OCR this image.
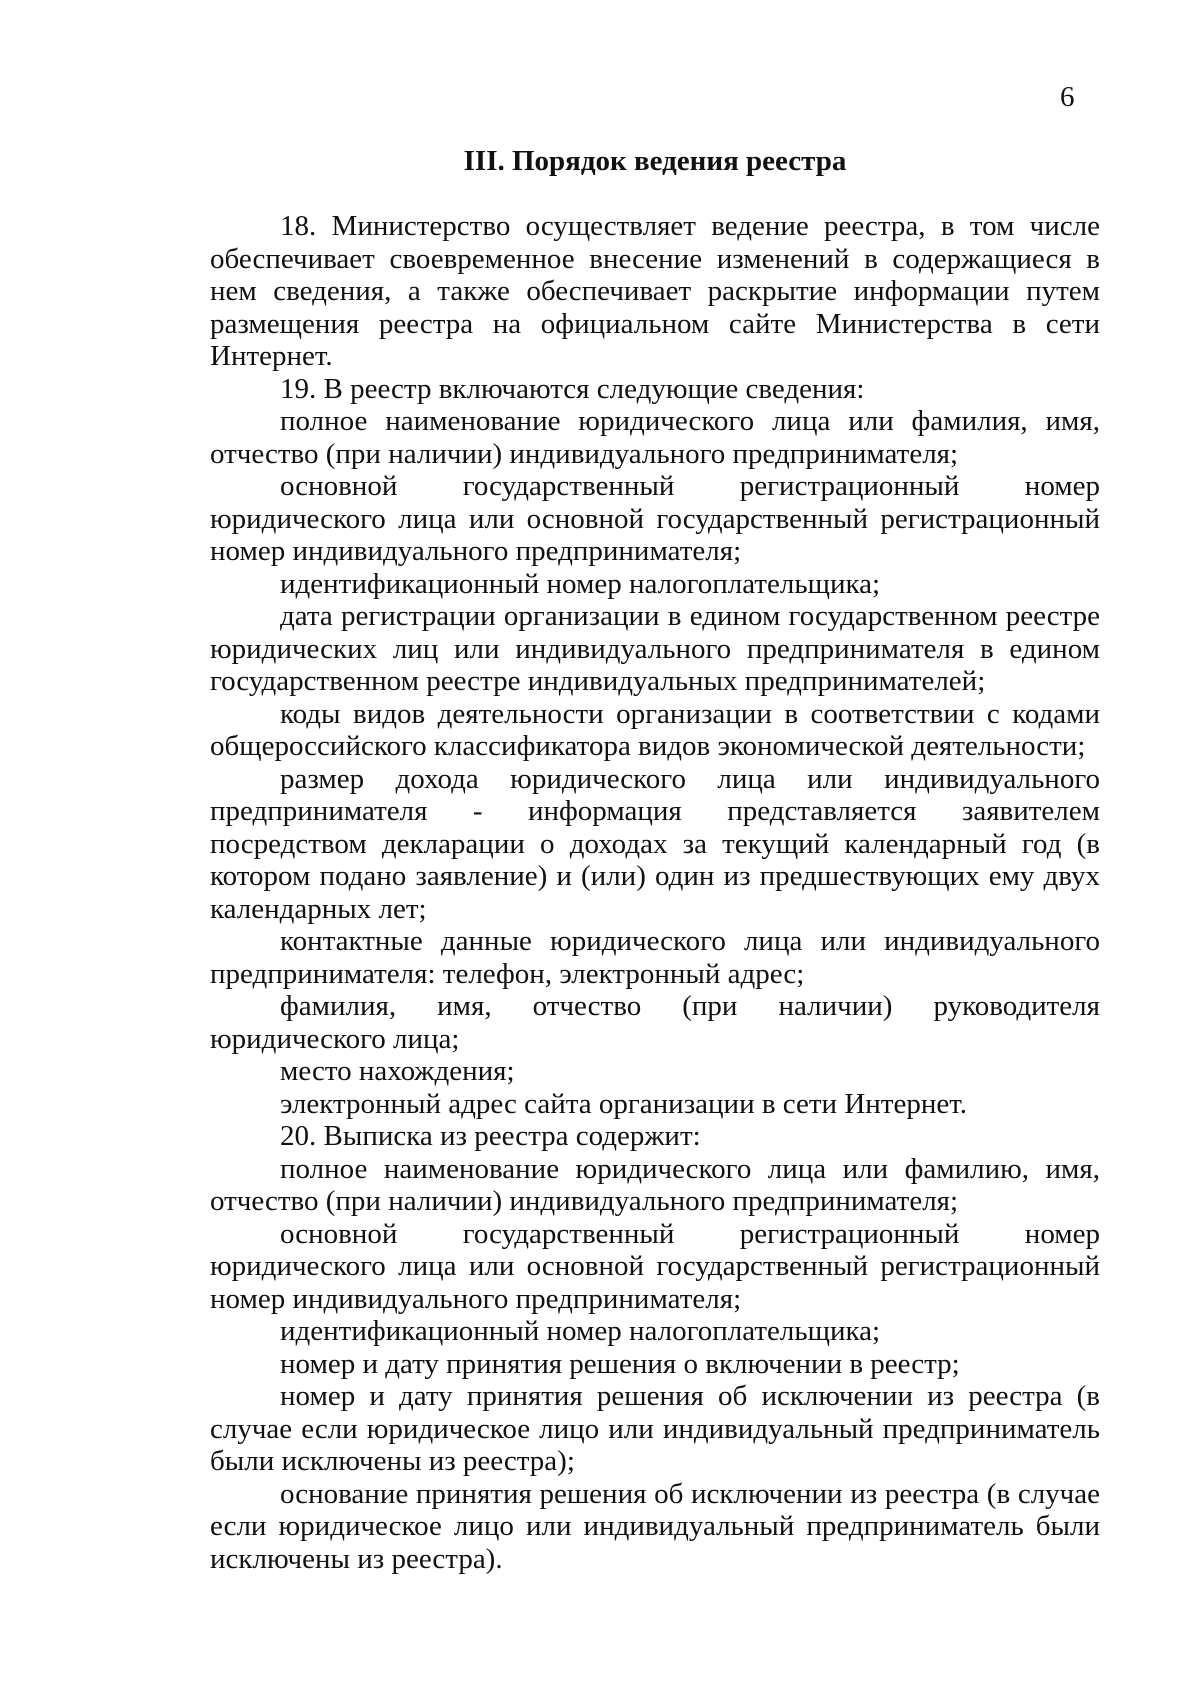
6
III. Порядок ведения реестра

18. Министерство осуществляет ведение реестра, в том числе обеспечивает своевременное внесение изменений в содержащиеся в нем сведения, а также обеспечивает раскрытие информации путем размещения реестра на официальном сайте Министерства в сети Интернет.

19. В реестр включаются следующие сведения:

полное наименование юридического лица или фамилия, имя, отчество (при наличии) индивидуального предпринимателя;

основной государственный регистрационный номер юридического лица или основной государственный регистрационный номер индивидуального предпринимателя;

идентификационный номер налогоплательщика;

дата регистрации организации в едином государственном реестре юридических лиц или индивидуального предпринимателя в едином государственном реестре индивидуальных предпринимателей;

коды видов деятельности организации в соответствии с кодами общероссийского классификатора видов экономической деятельности;

размер дохода юридического лица или индивидуального предпринимателя - информация представляется заявителем посредством декларации о доходах за текущий календарный год (в котором подано заявление) и (или) один из предшествующих ему двух календарных лет;

контактные данные юридического лица или индивидуального предпринимателя: телефон, электронный адрес;

фамилия, имя, отчество (при наличии) руководителя юридического лица;

место нахождения;

электронный адрес сайта организации в сети Интернет.

20. Выписка из реестра содержит:

полное наименование юридического лица или фамилию, имя, отчество (при наличии) индивидуального предпринимателя;

основной государственный регистрационный номер юридического лица или основной государственный регистрационный номер индивидуального предпринимателя;

идентификационный номер налогоплательщика;

номер и дату принятия решения о включении в реестр;

номер и дату принятия решения об исключении из реестра (в случае если юридическое лицо или индивидуальный предприниматель были исключены из реестра);

основание принятия решения об исключении из реестра (в случае если юридическое лицо или индивидуальный предприниматель были исключены из реестра).
